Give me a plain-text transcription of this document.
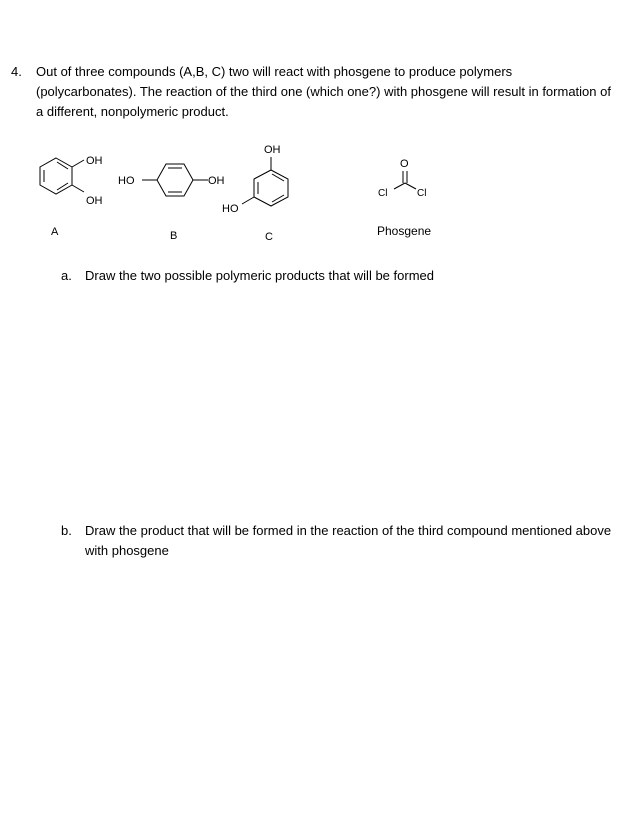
4. Out of three compounds (A,B, C) two will react with phosgene to produce polymers (polycarbonates). The reaction of the third one (which one?) with phosgene will result in formation of a different, nonpolymeric product.
OH
OH
HO	OH
OH
HO
O
Cl	Cl
A	B	C	Phosgene
a. Draw the two possible polymeric products that will be formed
b. Draw the product that will be formed in the reaction of the third compound mentioned above with phosgene
